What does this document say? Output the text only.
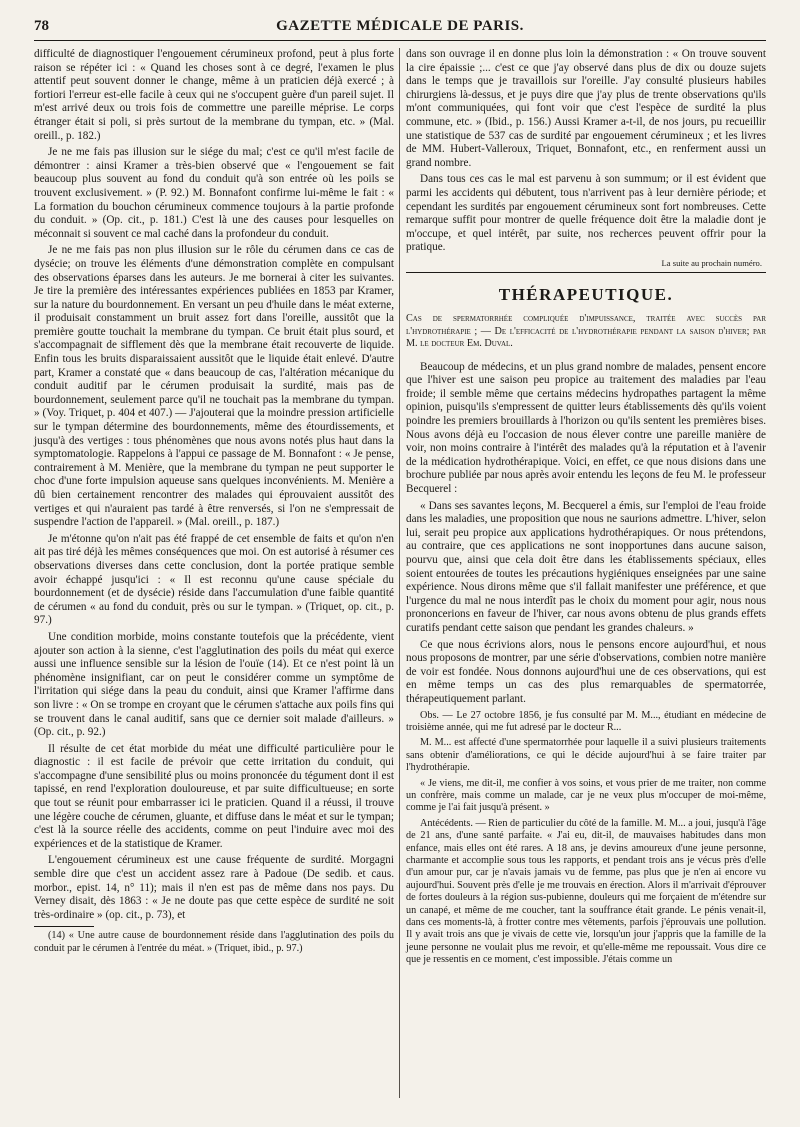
78	GAZETTE MÉDICALE DE PARIS.

difficulté de diagnostiquer l'engouement cérumineux profond, peut à plus forte raison se répéter ici : « Quand les choses sont à ce degré, l'examen le plus attentif peut souvent donner le change, même à un praticien déjà exercé ; à fortiori l'erreur est-elle facile à ceux qui ne s'occupent guère d'un pareil sujet. Il m'est arrivé deux ou trois fois de commettre une pareille méprise. Le corps étranger était si poli, si près surtout de la membrane du tympan, etc. » (Mal. oreill., p. 182.)

Je ne me fais pas illusion sur le siége du mal; c'est ce qu'il m'est facile de démontrer : ainsi Kramer a très-bien observé que « l'engouement se fait beaucoup plus souvent au fond du conduit qu'à son entrée où les poils se trouvent exclusivement. » (P. 92.) M. Bonnafont confirme lui-même le fait : « La formation du bouchon cérumineux commence toujours à la partie profonde du conduit. » (Op. cit., p. 181.) C'est là une des causes pour lesquelles on méconnait si souvent ce mal caché dans la profondeur du conduit.

Je ne me fais pas non plus illusion sur le rôle du cérumen dans ce cas de dysécie; on trouve les éléments d'une démonstration complète en compulsant des observations éparses dans les auteurs. Je me bornerai à citer les suivantes. Je tire la première des intéressantes expériences publiées en 1853 par Kramer, sur la nature du bourdonnement. En versant un peu d'huile dans le méat externe, il produisait constamment un bruit assez fort dans l'oreille, aussitôt que la première goutte touchait la membrane du tympan. Ce bruit était plus sourd, et s'accompagnait de sifflement dès que la membrane était recouverte de liquide. Enfin tous les bruits disparaissaient aussitôt que le liquide était enlevé. D'autre part, Kramer a constaté que « dans beaucoup de cas, l'altération mécanique du conduit auditif par le cérumen produisait la surdité, mais pas de bourdonnement, seulement parce qu'il ne touchait pas la membrane du tympan. » (Voy. Triquet, p. 404 et 407.) — J'ajouterai que la moindre pression artificielle sur le tympan détermine des bourdonnements, même des étourdissements, et jusqu'à des vertiges : tous phénomènes que nous avons notés plus haut dans la symptomatologie. Rappelons à l'appui ce passage de M. Bonnafont : « Je pense, contrairement à M. Menière, que la membrane du tympan ne peut supporter le choc d'une forte impulsion aqueuse sans quelques inconvénients. M. Menière a dû bien certainement rencontrer des malades qui éprouvaient aussitôt des vertiges et qui n'auraient pas tardé à être renversés, si l'on ne s'empressait de suspendre l'action de l'appareil. » (Mal. oreill., p. 187.)

Je m'étonne qu'on n'ait pas été frappé de cet ensemble de faits et qu'on n'en ait pas tiré déjà les mêmes conséquences que moi. On est autorisé à résumer ces observations diverses dans cette conclusion, dont la portée pratique semble avoir échappé jusqu'ici : « Il est reconnu qu'une cause spéciale du bourdonnement (et de dysécie) réside dans l'accumulation d'une faible quantité de cérumen « au fond du conduit, près ou sur le tympan. » (Triquet, op. cit., p. 97.)

Une condition morbide, moins constante toutefois que la précédente, vient ajouter son action à la sienne, c'est l'agglutination des poils du méat qui exerce aussi une influence sensible sur la lésion de l'ouïe (14). Et ce n'est point là un phénomène insignifiant, car on peut le considérer comme un symptôme de l'irritation qui siége dans la peau du conduit, ainsi que Kramer l'affirme dans son livre : « On se trompe en croyant que le cérumen s'attache aux poils fins qui se trouvent dans le canal auditif, sans que ce dernier soit malade d'ailleurs. » (Op. cit., p. 92.)

Il résulte de cet état morbide du méat une difficulté particulière pour le diagnostic : il est facile de prévoir que cette irritation du conduit, qui s'accompagne d'une sensibilité plus ou moins prononcée du tégument dont il est tapissé, en rend l'exploration douloureuse, et par suite difficultueuse; en sorte que tout se réunit pour embarrasser ici le praticien. Quand il a réussi, il trouve une légère couche de cérumen, gluante, et diffuse dans le méat et sur le tympan; c'est là la source réelle des accidents, comme on peut l'induire avec moi des expériences et de la statistique de Kramer.

L'engouement cérumineux est une cause fréquente de surdité. Morgagni semble dire que c'est un accident assez rare à Padoue (De sedib. et caus. morbor., epist. 14, n° 11); mais il n'en est pas de même dans nos pays. Du Verney disait, dès 1863 : « Je ne doute pas que cette espèce de surdité ne soit très-ordinaire » (op. cit., p. 73), et

(14) « Une autre cause de bourdonnement réside dans l'agglutination des poils du conduit par le cérumen à l'entrée du méat. » (Triquet, ibid., p. 97.)

dans son ouvrage il en donne plus loin la démonstration : « On trouve souvent la cire épaissie ;... c'est ce que j'ay observé dans plus de dix ou douze sujets dans le temps que je travaillois sur l'oreille. J'ay consulté plusieurs habiles chirurgiens là-dessus, et je puys dire que j'ay plus de trente observations qu'ils m'ont communiquées, qui font voir que c'est l'espèce de surdité la plus commune, etc. » (Ibid., p. 156.) Aussi Kramer a-t-il, de nos jours, pu recueillir une statistique de 537 cas de surdité par engouement cérumineux ; et les livres de MM. Hubert-Valleroux, Triquet, Bonnafont, etc., en renferment aussi un grand nombre.

Dans tous ces cas le mal est parvenu à son summum; or il est évident que parmi les accidents qui débutent, tous n'arrivent pas à leur dernière période; et cependant les surdités par engouement cérumineux sont fort nombreuses. Cette remarque suffit pour montrer de quelle fréquence doit être la maladie dont je m'occupe, et quel intérêt, par suite, nos recherces peuvent offrir pour la pratique.

La suite au prochain numéro.
THÉRAPEUTIQUE.
Cas de spermatorrhée compliquée d'impuissance, traitée avec succès par l'hydrothérapie ; — De l'efficacité de l'hydrothérapie pendant la saison d'hiver; par M. le docteur Em. Duval.

Beaucoup de médecins, et un plus grand nombre de malades, pensent encore que l'hiver est une saison peu propice au traitement des maladies par l'eau froide; il semble même que certains médecins hydropathes partagent la même opinion, puisqu'ils s'empressent de quitter leurs établissements dès qu'ils voient poindre les premiers brouillards à l'horizon ou qu'ils sentent les premières bises. Nous avons déjà eu l'occasion de nous élever contre une pareille manière de voir, non moins contraire à l'intérêt des malades qu'à la réputation et à l'avenir de la médication hydrothérapique. Voici, en effet, ce que nous disions dans une brochure publiée par nous après avoir entendu les leçons de feu M. le professeur Becquerel :

« Dans ses savantes leçons, M. Becquerel a émis, sur l'emploi de l'eau froide dans les maladies, une proposition que nous ne saurions admettre. L'hiver, selon lui, serait peu propice aux applications hydrothérapiques. Or nous prétendons, au contraire, que ces applications ne sont inopportunes dans aucune saison, pourvu que, ainsi que cela doit être dans les établissements spéciaux, elles soient entourées de toutes les précautions hygiéniques enseignées par une saine expérience. Nous dirons même que s'il fallait manifester une préférence, et que l'urgence du mal ne nous interdît pas le choix du moment pour agir, nous nous prononcerions en faveur de l'hiver, car nous avons obtenu de plus grands effets curatifs pendant cette saison que pendant les grandes chaleurs. »

Ce que nous écrivions alors, nous le pensons encore aujourd'hui, et nous nous proposons de montrer, par une série d'observations, combien notre manière de voir est fondée. Nous donnons aujourd'hui une de ces observations, qui est en même temps un cas des plus remarquables de spermatorrée, thérapeutiquement parlant.

Obs. — Le 27 octobre 1856, je fus consulté par M. M..., étudiant en médecine de troisième année, qui me fut adresé par le docteur R...

M. M... est affecté d'une spermatorrhée pour laquelle il a suivi plusieurs traitements sans obtenir d'améliorations, ce qui le décide aujourd'hui à se faire traiter par l'hydrothérapie.

« Je viens, me dit-il, me confier à vos soins, et vous prier de me traiter, non comme un confrère, mais comme un malade, car je ne veux plus m'occuper de moi-même, comme je l'ai fait jusqu'à présent. »

Antécédents. — Rien de particulier du côté de la famille. M. M... a joui, jusqu'à l'âge de 21 ans, d'une santé parfaite. « J'ai eu, dit-il, de mauvaises habitudes dans mon enfance, mais elles ont été rares. A 18 ans, je devins amoureux d'une jeune personne, charmante et accomplie sous tous les rapports, et pendant trois ans je vécus près d'elle d'un amour pur, car je n'avais jamais vu de femme, pas plus que je n'en ai encore vu aujourd'hui. Souvent près d'elle je me trouvais en érection. Alors il m'arrivait d'éprouver de fortes douleurs à la région sus-pubienne, douleurs qui me forçaient de m'étendre sur un canapé, et même de me coucher, tant la souffrance était grande. Le pénis venait-il, dans ces moments-là, à frotter contre mes vêtements, parfois j'éprouvais une pollution. Il y avait trois ans que je vivais de cette vie, lorsqu'un jour j'appris que la famille de la jeune personne ne voulait plus me revoir, et qu'elle-même me repoussait. Vous dire ce que je ressentis en ce moment, c'est impossible. J'étais comme un
